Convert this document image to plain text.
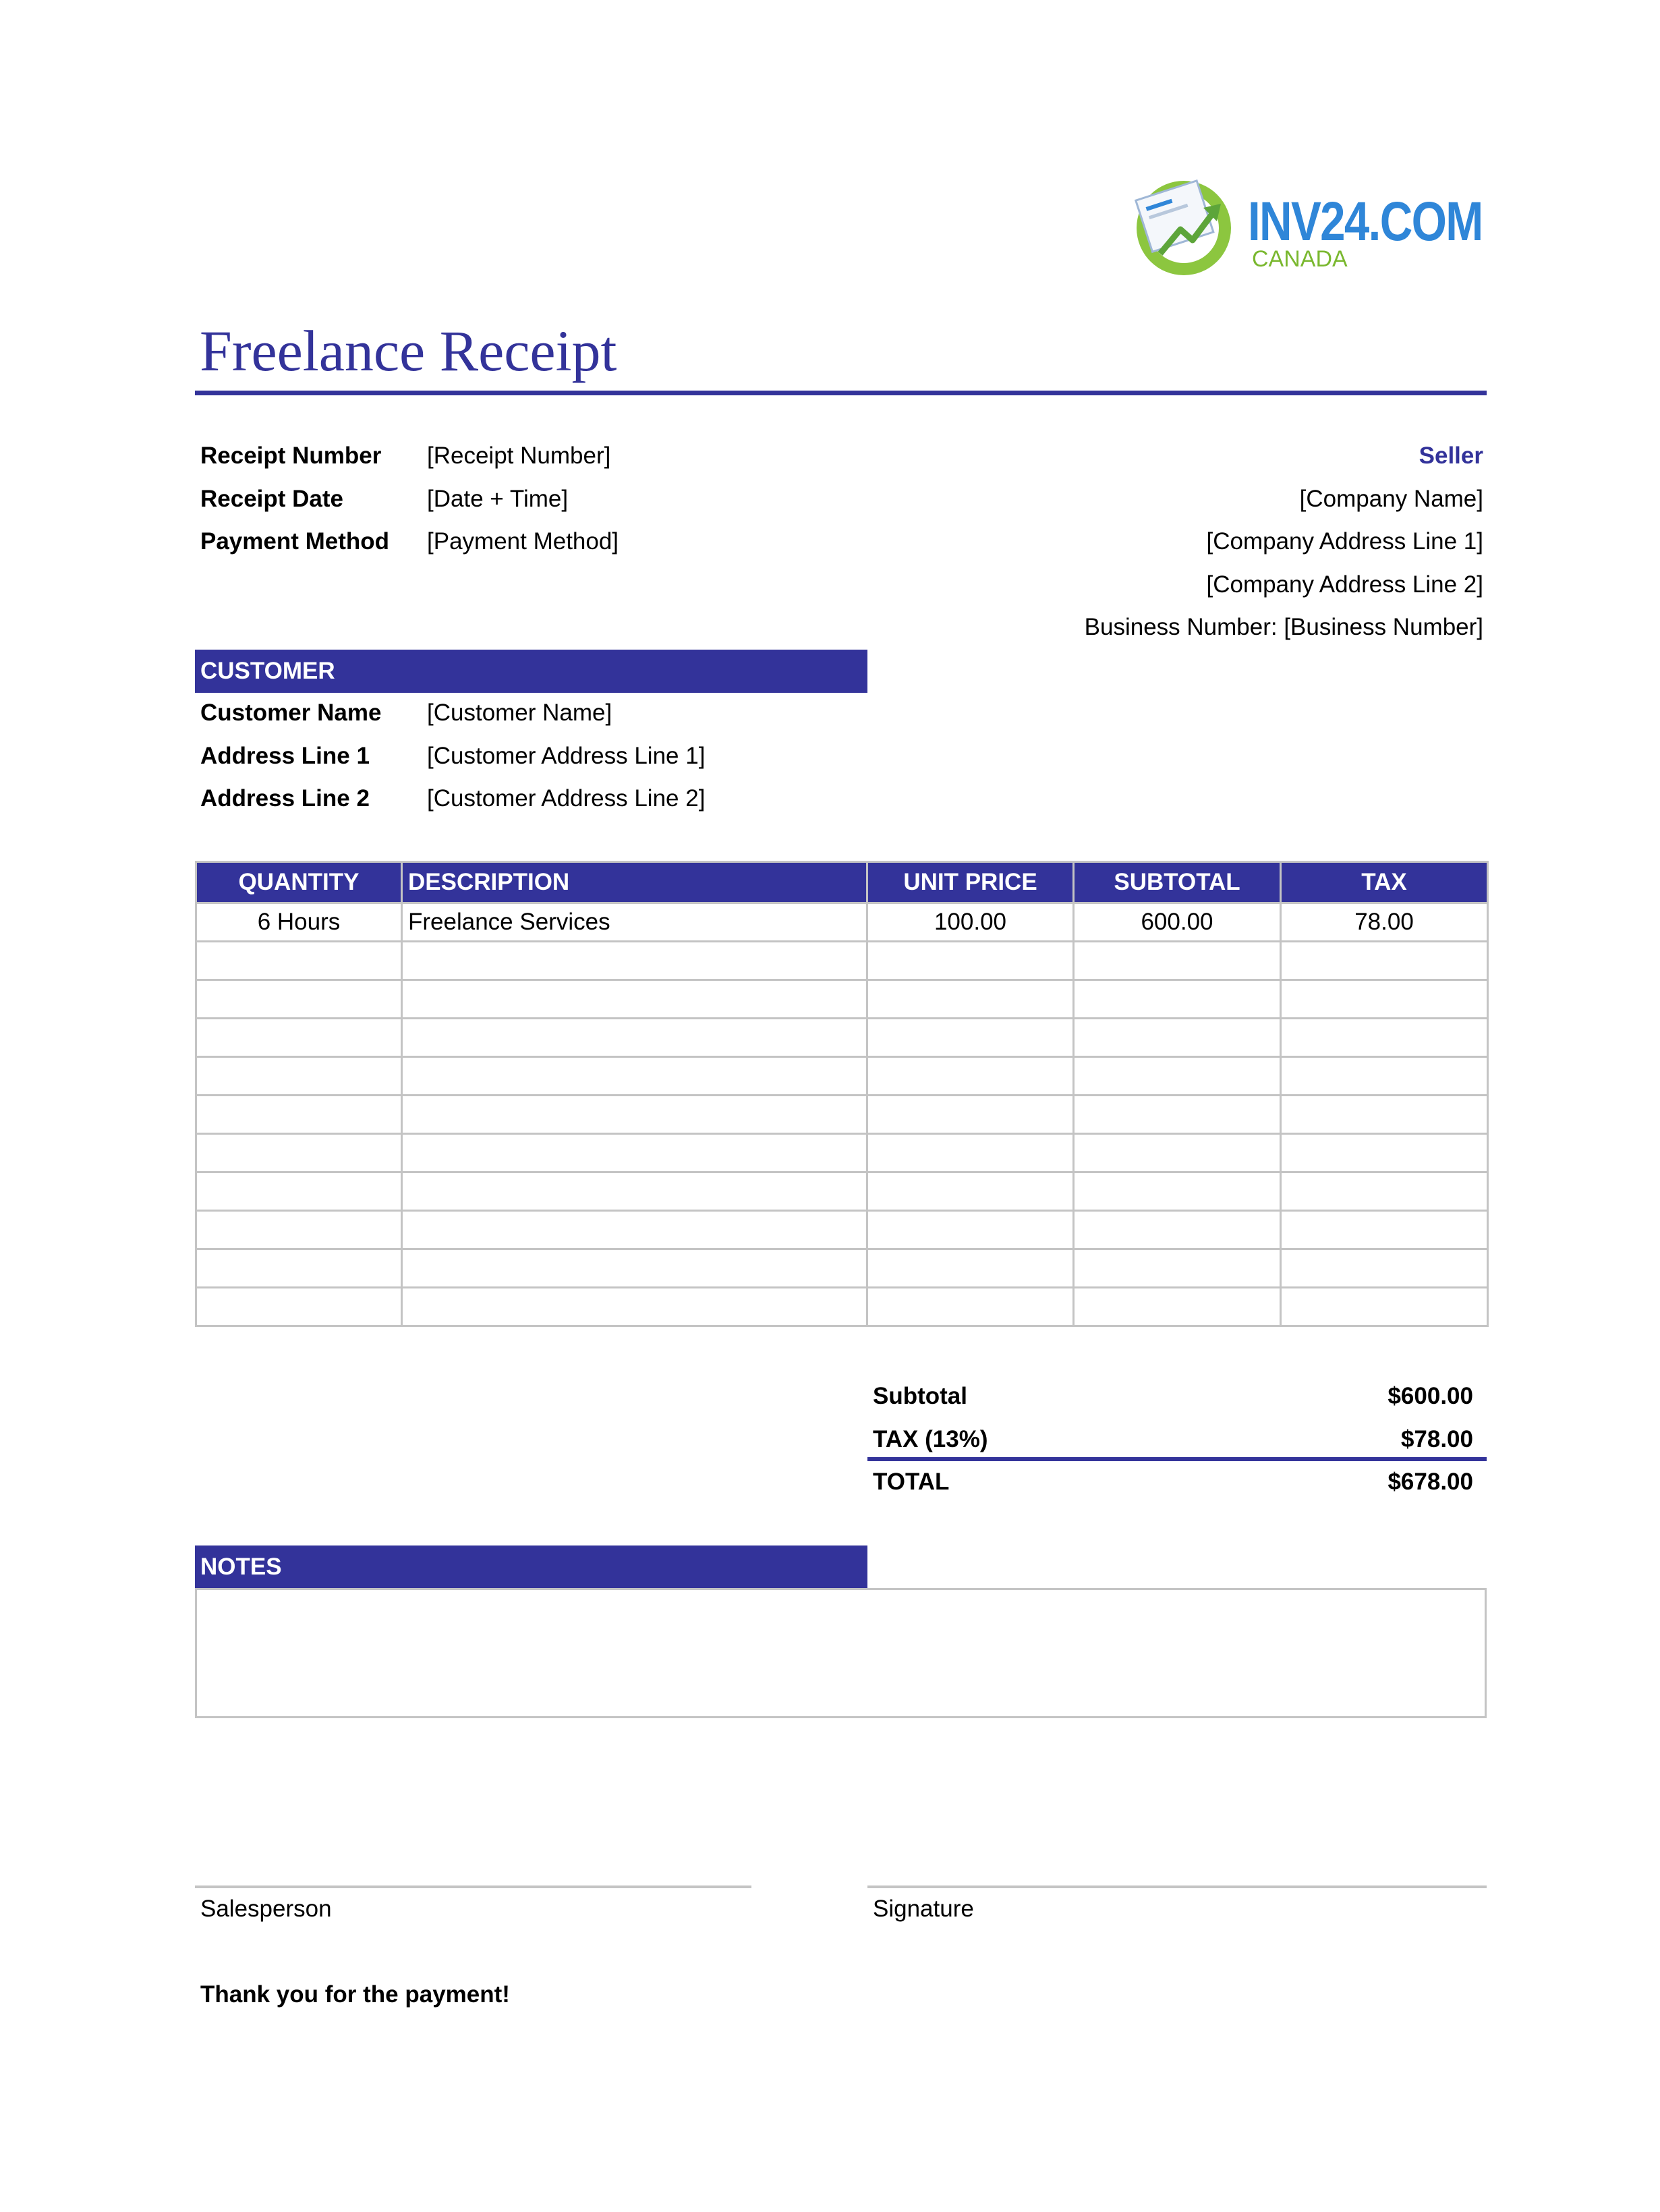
INV24.COM
CANADA
Freelance Receipt
Receipt Number [Receipt Number]
Receipt Date	[Date + Time]
Payment Method [Payment Method]
Seller
[Company Name]
[Company Address Line 1]
[Company Address Line 2]
Business Number: [Business Number]
CUSTOMER
Customer Name [Customer Name]
Address Line 1 [Customer Address Line 1]
Address Line 2 [Customer Address Line 2]
QUANTITY	DESCRIPTION	UNIT PRICE	SUBTOTAL	TAX
6 Hours	Freelance Services	100.00	600.00	78.00

Subtotal	$600.00
TAX (13%)	$78.00
TOTAL	$678.00
NOTES
Salesperson	Signature
Thank you for the payment!
